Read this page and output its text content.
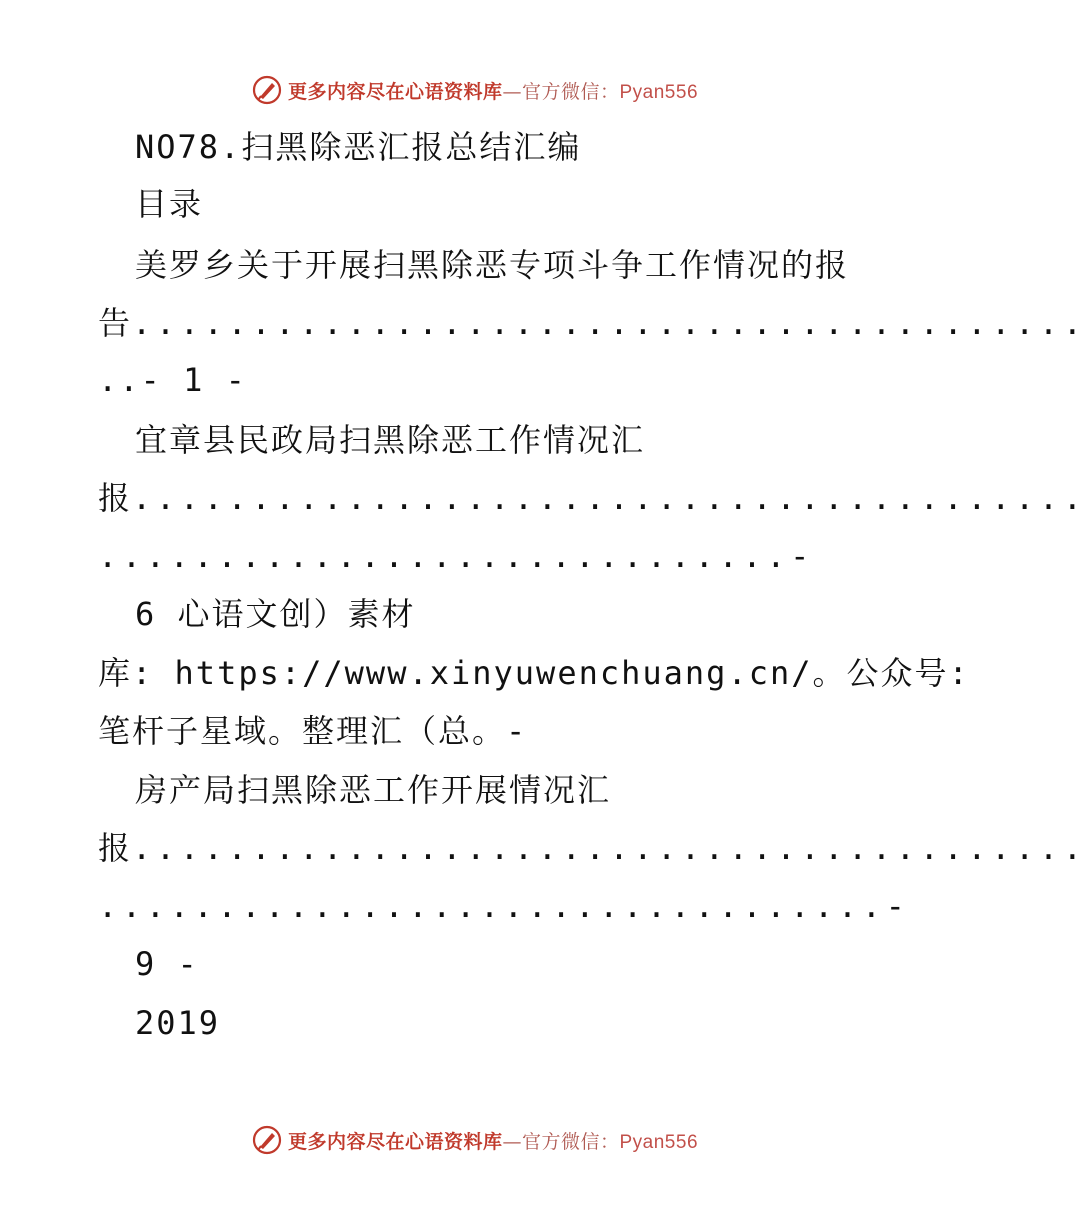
更多内容尽在心语资料库—官方微信：Pyan556
NO78.扫黑除恶汇报总结汇编
目录
美罗乡关于开展扫黑除恶专项斗争工作情况的报
告........................................
..- 1 -
宜章县民政局扫黑除恶工作情况汇
报........................................
.............................-
6 心语文创）素材
库: https://www.xinyuwenchuang.cn/。公众号:
笔杆子星域。整理汇（总。-
房产局扫黑除恶工作开展情况汇
报........................................
.................................-
9 -
2019
更多内容尽在心语资料库—官方微信：Pyan556
